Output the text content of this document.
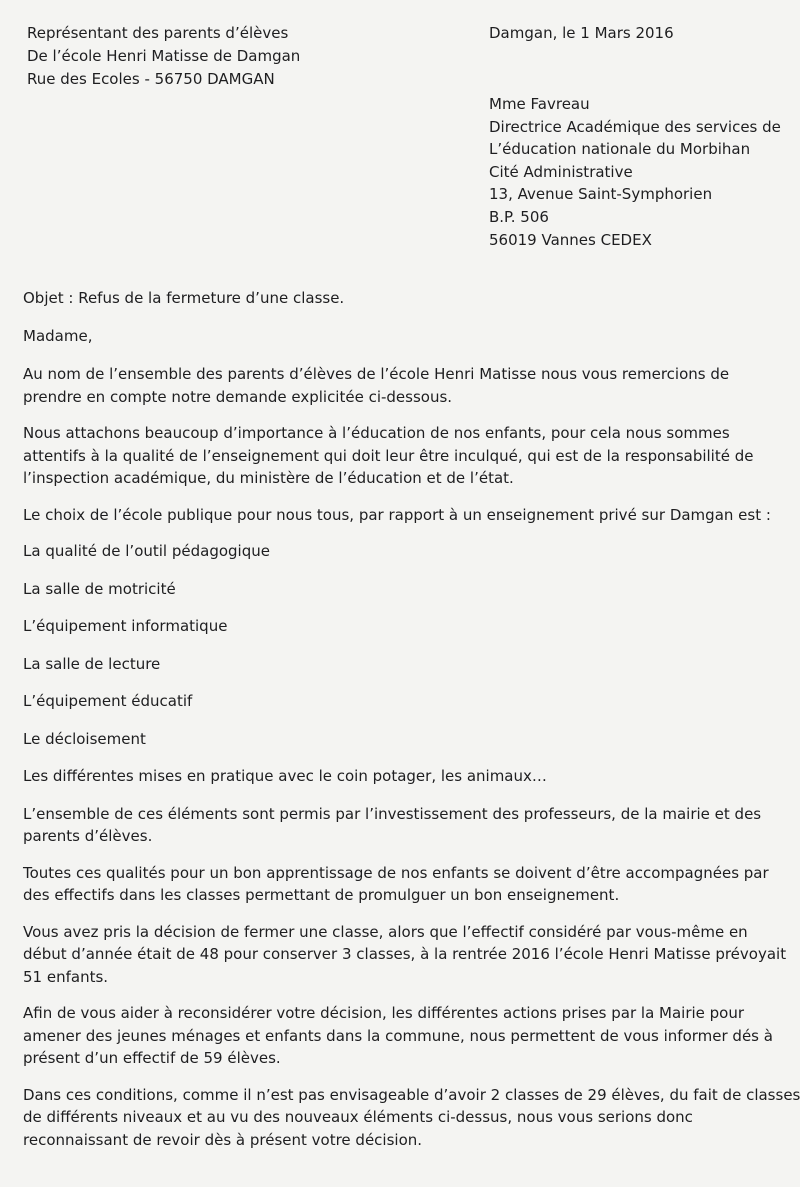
Représentant des parents d’élèves
De l’école Henri Matisse de Damgan
Rue des Ecoles - 56750 DAMGAN
Damgan, le 1 Mars 2016
Mme Favreau
Directrice Académique des services de
L’éducation nationale du Morbihan
Cité Administrative
13, Avenue Saint-Symphorien
B.P. 506
56019 Vannes CEDEX

Objet : Refus de la fermeture d’une classe.

Madame,

Au nom de l’ensemble des parents d’élèves de l’école Henri Matisse nous vous remercions de
prendre en compte notre demande explicitée ci-dessous.

Nous attachons beaucoup d’importance à l’éducation de nos enfants, pour cela nous sommes
attentifs à la qualité de l’enseignement qui doit leur être inculqué, qui est de la responsabilité de
l’inspection académique, du ministère de l’éducation et de l’état.

Le choix de l’école publique pour nous tous, par rapport à un enseignement privé sur Damgan est :

La qualité de l’outil pédagogique

La salle de motricité

L’équipement informatique

La salle de lecture

L’équipement éducatif

Le décloisement

Les différentes mises en pratique avec le coin potager, les animaux…

L’ensemble de ces éléments sont permis par l’investissement des professeurs, de la mairie et des
parents d’élèves.

Toutes ces qualités pour un bon apprentissage de nos enfants se doivent d’être accompagnées par
des effectifs dans les classes permettant de promulguer un bon enseignement.

Vous avez pris la décision de fermer une classe, alors que l’effectif considéré par vous-même en
début d’année était de 48 pour conserver 3 classes, à la rentrée 2016 l’école Henri Matisse prévoyait
51 enfants.

Afin de vous aider à reconsidérer votre décision, les différentes actions prises par la Mairie pour
amener des jeunes ménages et enfants dans la commune, nous permettent de vous informer dés à
présent d’un effectif de 59 élèves.

Dans ces conditions, comme il n’est pas envisageable d’avoir 2 classes de 29 élèves, du fait de classes
de différents niveaux et au vu des nouveaux éléments ci-dessus, nous vous serions donc
reconnaissant de revoir dès à présent votre décision.
